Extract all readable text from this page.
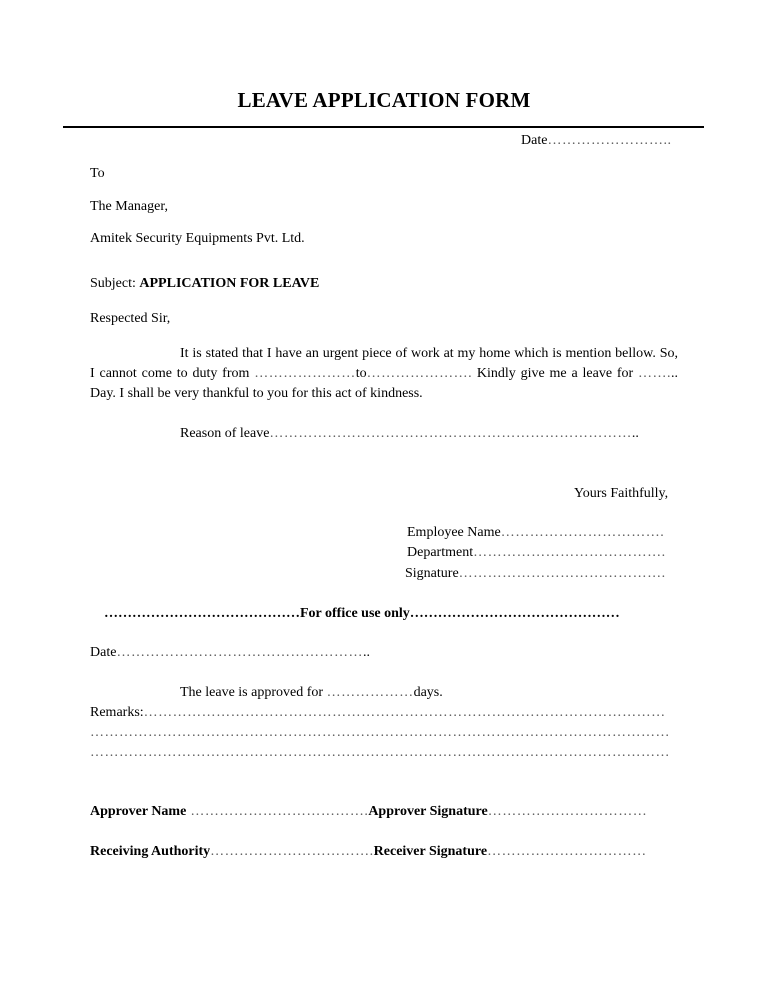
LEAVE APPLICATION FORM
Date……………………..
To
The Manager,
Amitek Security Equipments Pvt. Ltd.
Subject: APPLICATION FOR LEAVE
Respected Sir,
It is stated that I have an urgent piece of work at my home which is mention bellow. So, I cannot come to duty from …………………to…………………. Kindly give me a leave for ……... Day. I shall be very thankful to you for this act of kindness.
Reason of leave…………………………………………………………………..
Yours Faithfully,
Employee Name…………………………….
Department………………………………….
Signature…………………………………….
……………………………………For office use only………………………………………
Date……………………………………………..
The leave is approved for ………………days.
Remarks:………………………………………………………………………………………………
…………………………………………………………………………………………………………
…………………………………………………………………………………………………………
Approver Name ……………………………….Approver Signature……………………………
Receiving Authority…………………………….Receiver Signature……………………………
